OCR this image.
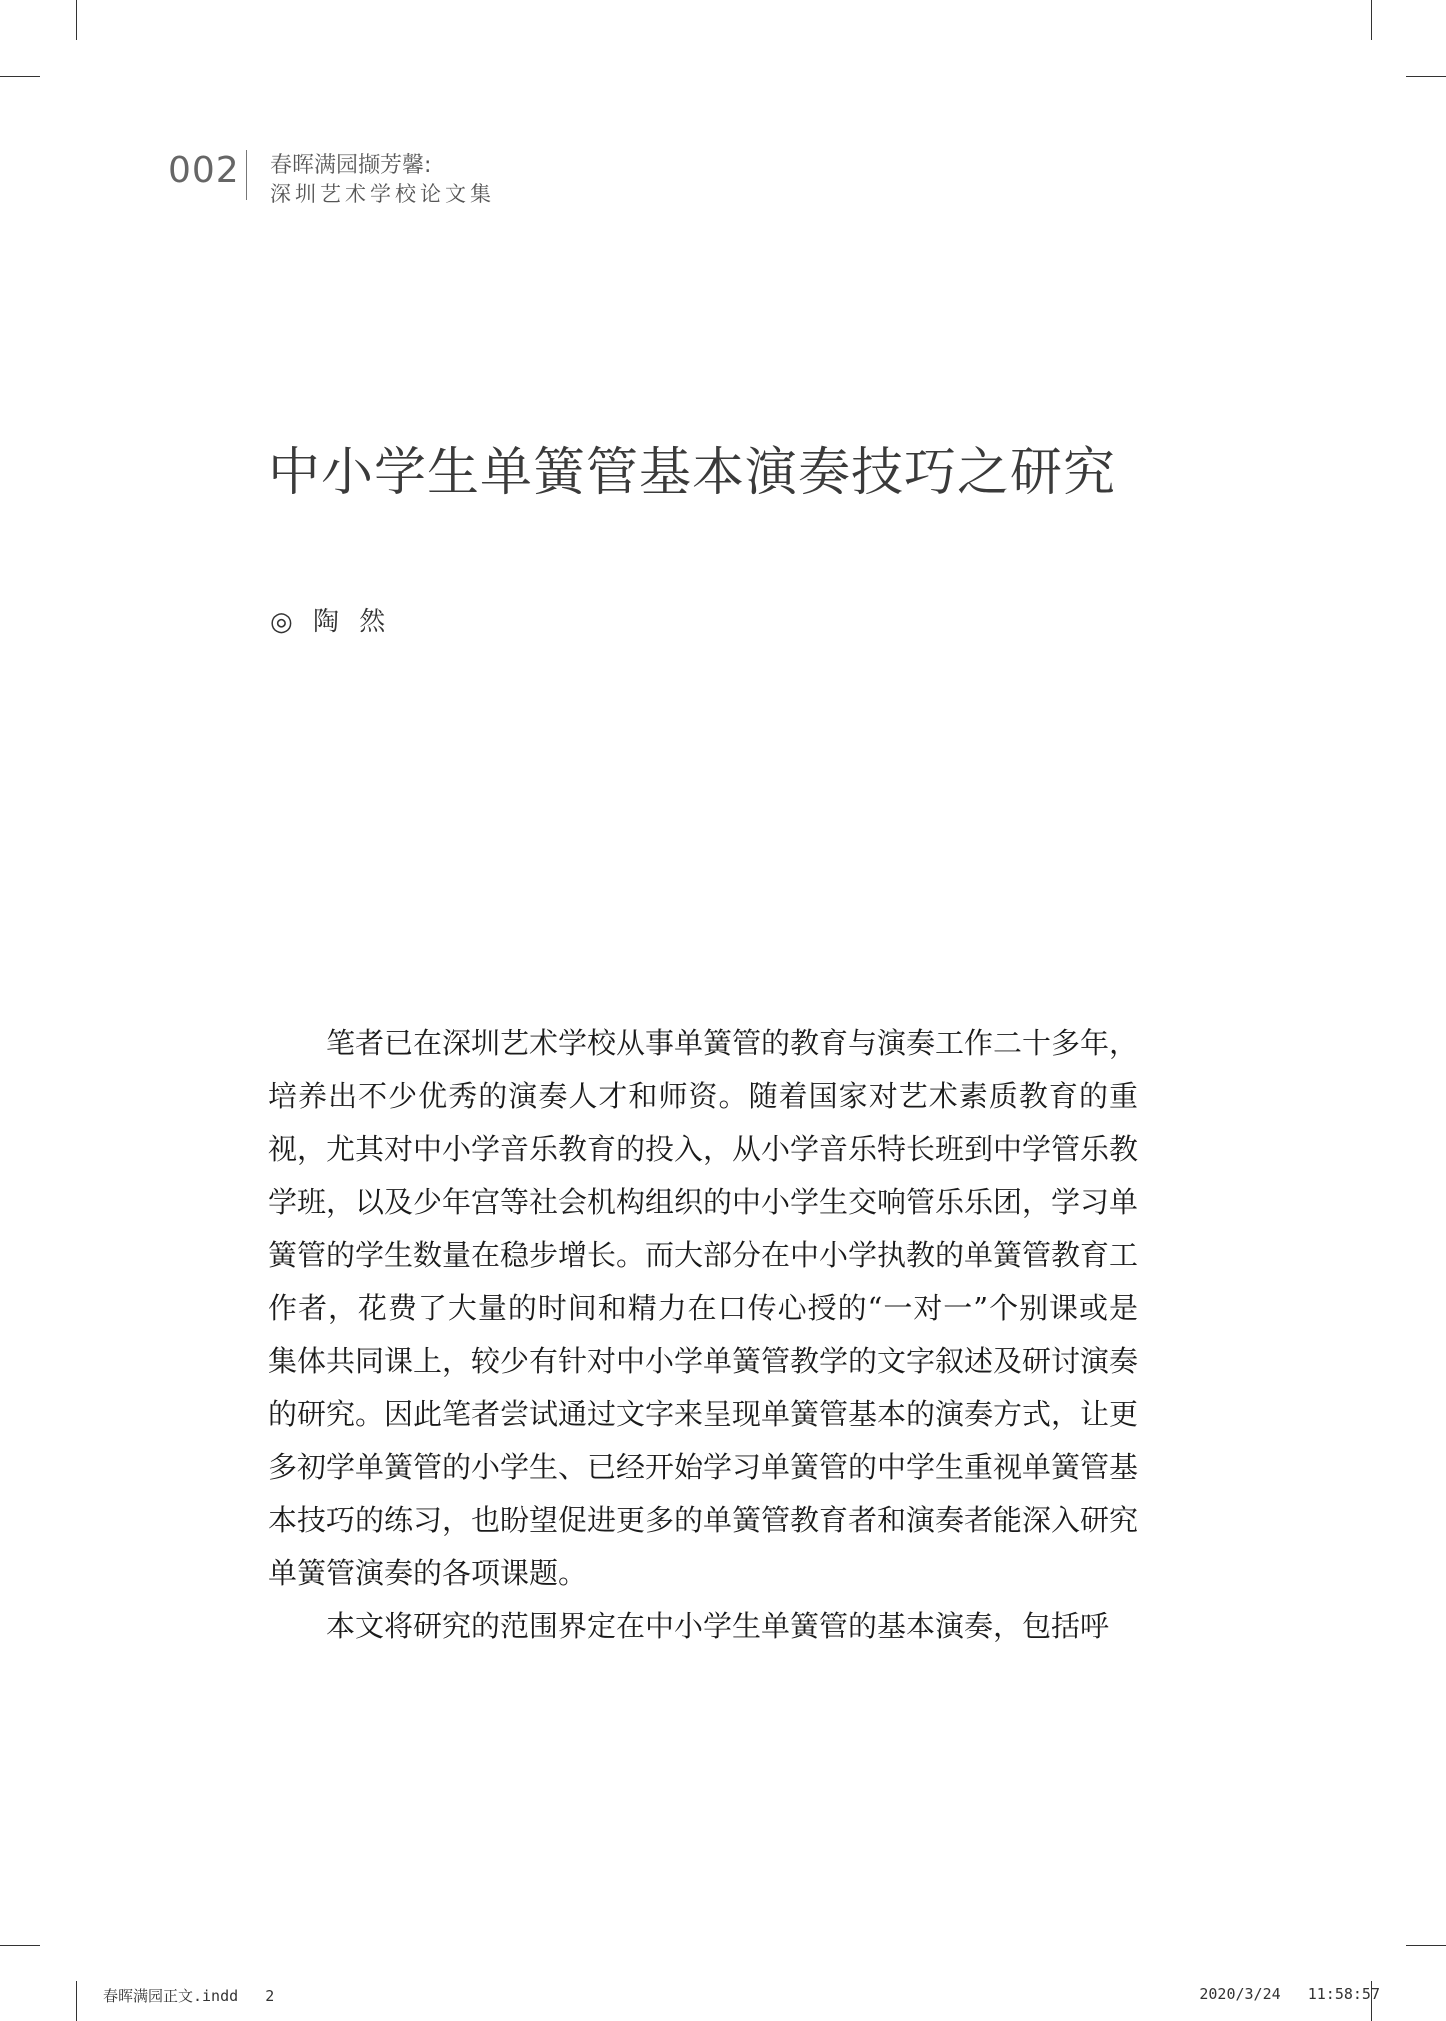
002 春晖满园撷芳馨:
深圳艺术学校论文集
中小学生单簧管基本演奏技巧之研究
◎ 陶 然

笔者已在深圳艺术学校从事单簧管的教育与演奏工作二十多年，培养出不少优秀的演奏人才和师资。随着国家对艺术素质教育的重视，尤其对中小学音乐教育的投入，从小学音乐特长班到中学管乐教学班，以及少年宫等社会机构组织的中小学生交响管乐乐团，学习单簧管的学生数量在稳步增长。而大部分在中小学执教的单簧管教育工作者，花费了大量的时间和精力在口传心授的“一对一”个别课或是集体共同课上，较少有针对中小学单簧管教学的文字叙述及研讨演奏的研究。因此笔者尝试通过文字来呈现单簧管基本的演奏方式，让更多初学单簧管的小学生、已经开始学习单簧管的中学生重视单簧管基本技巧的练习，也盼望促进更多的单簧管教育者和演奏者能深入研究单簧管演奏的各项课题。

本文将研究的范围界定在中小学生单簧管的基本演奏，包括呼

春晖满园正文.indd   2	2020/3/24   11:58:57
